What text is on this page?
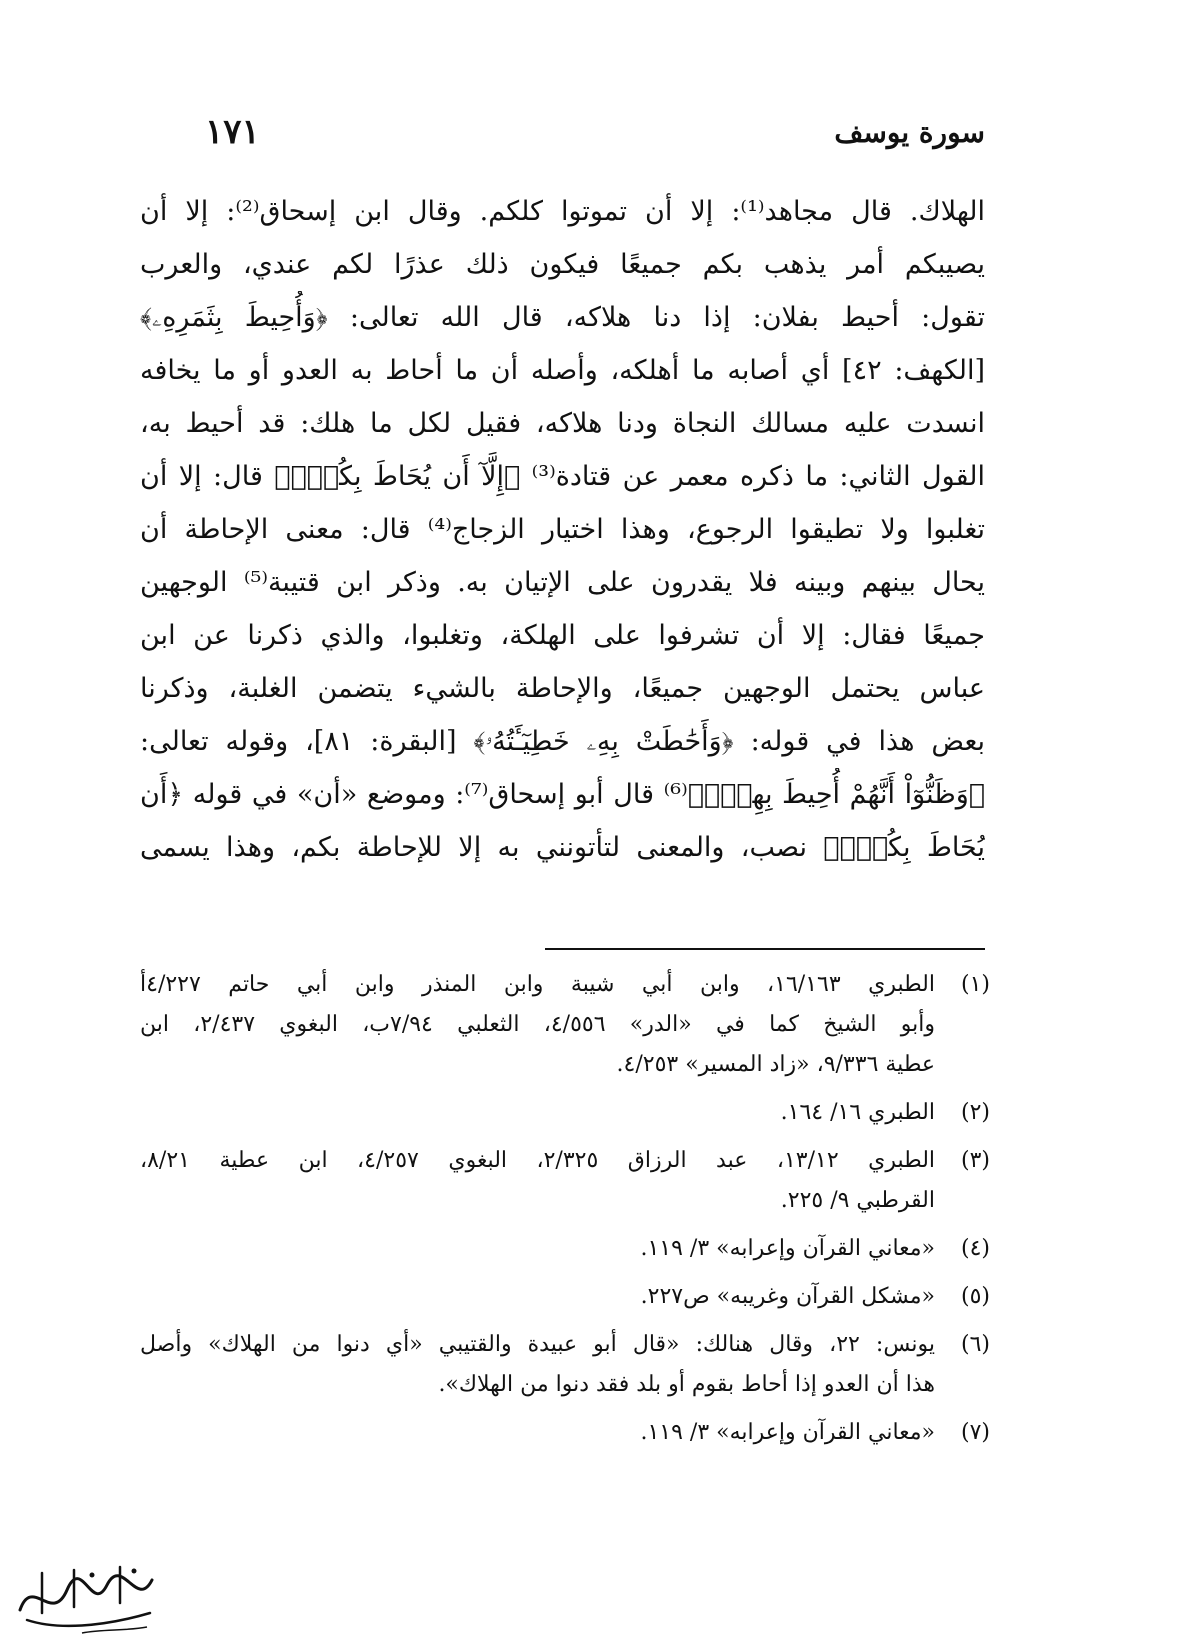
١٧١	سورة يوسف
الهلاك. قال مجاهد⁽¹⁾: إلا أن تموتوا كلكم. وقال ابن إسحاق⁽²⁾: إلا أن
يصيبكم أمر يذهب بكم جميعًا فيكون ذلك عذرًا لكم عندي، والعرب
تقول: أحيط بفلان: إذا دنا هلاكه، قال الله تعالى: ﴿وَأُحِيطَ بِثَمَرِهِۦ﴾
[الكهف: ٤٢] أي أصابه ما أهلكه، وأصله أن ما أحاط به العدو أو ما يخافه
انسدت عليه مسالك النجاة ودنا هلاكه، فقيل لكل ما هلك: قد أحيط به،
القول الثاني: ما ذكره معمر عن قتادة⁽³⁾ ﴿إِلَّآ أَن يُحَاطَ بِكُمْۖ﴾ قال: إلا أن
تغلبوا ولا تطيقوا الرجوع، وهذا اختيار الزجاج⁽⁴⁾ قال: معنى الإحاطة أن
يحال بينهم وبينه فلا يقدرون على الإتيان به. وذكر ابن قتيبة⁽⁵⁾ الوجهين
جميعًا فقال: إلا أن تشرفوا على الهلكة، وتغلبوا، والذي ذكرنا عن ابن
عباس يحتمل الوجهين جميعًا، والإحاطة بالشيء يتضمن الغلبة، وذكرنا
بعض هذا في قوله: ﴿وَأَحَٰطَتْ بِهِۦ خَطِيٓـَٔتُهُۥ﴾ [البقرة: ٨١]، وقوله تعالى:
﴿وَظَنُّوٓاْ أَنَّهُمْ أُحِيطَ بِهِمْۙ﴾⁽⁶⁾ قال أبو إسحاق⁽⁷⁾: وموضع «أن» في قوله ﴿أَن
يُحَاطَ بِكُمْۖ﴾ نصب، والمعنى لتأتونني به إلا للإحاطة بكم، وهذا يسمى
(١)
الطبري ١٦/١٦٣، وابن أبي شيبة وابن المنذر وابن أبي حاتم ٤/٢٢٧أ
وأبو الشيخ كما في «الدر» ٤/٥٥٦، الثعلبي ٧/٩٤ب، البغوي ٢/٤٣٧، ابن
عطية ٩/٣٣٦، «زاد المسير» ٤/٢٥٣.
(٢)
الطبري ١٦/ ١٦٤.
(٣)
الطبري ١٣/١٢، عبد الرزاق ٢/٣٢٥، البغوي ٤/٢٥٧، ابن عطية ٨/٢١،
القرطبي ٩/ ٢٢٥.
(٤)
«معاني القرآن وإعرابه» ٣/ ١١٩.
(٥)
«مشكل القرآن وغريبه» ص٢٢٧.
(٦)
يونس: ٢٢، وقال هنالك: «قال أبو عبيدة والقتيبي «أي دنوا من الهلاك» وأصل
هذا أن العدو إذا أحاط بقوم أو بلد فقد دنوا من الهلاك».
(٧)
«معاني القرآن وإعرابه» ٣/ ١١٩.
